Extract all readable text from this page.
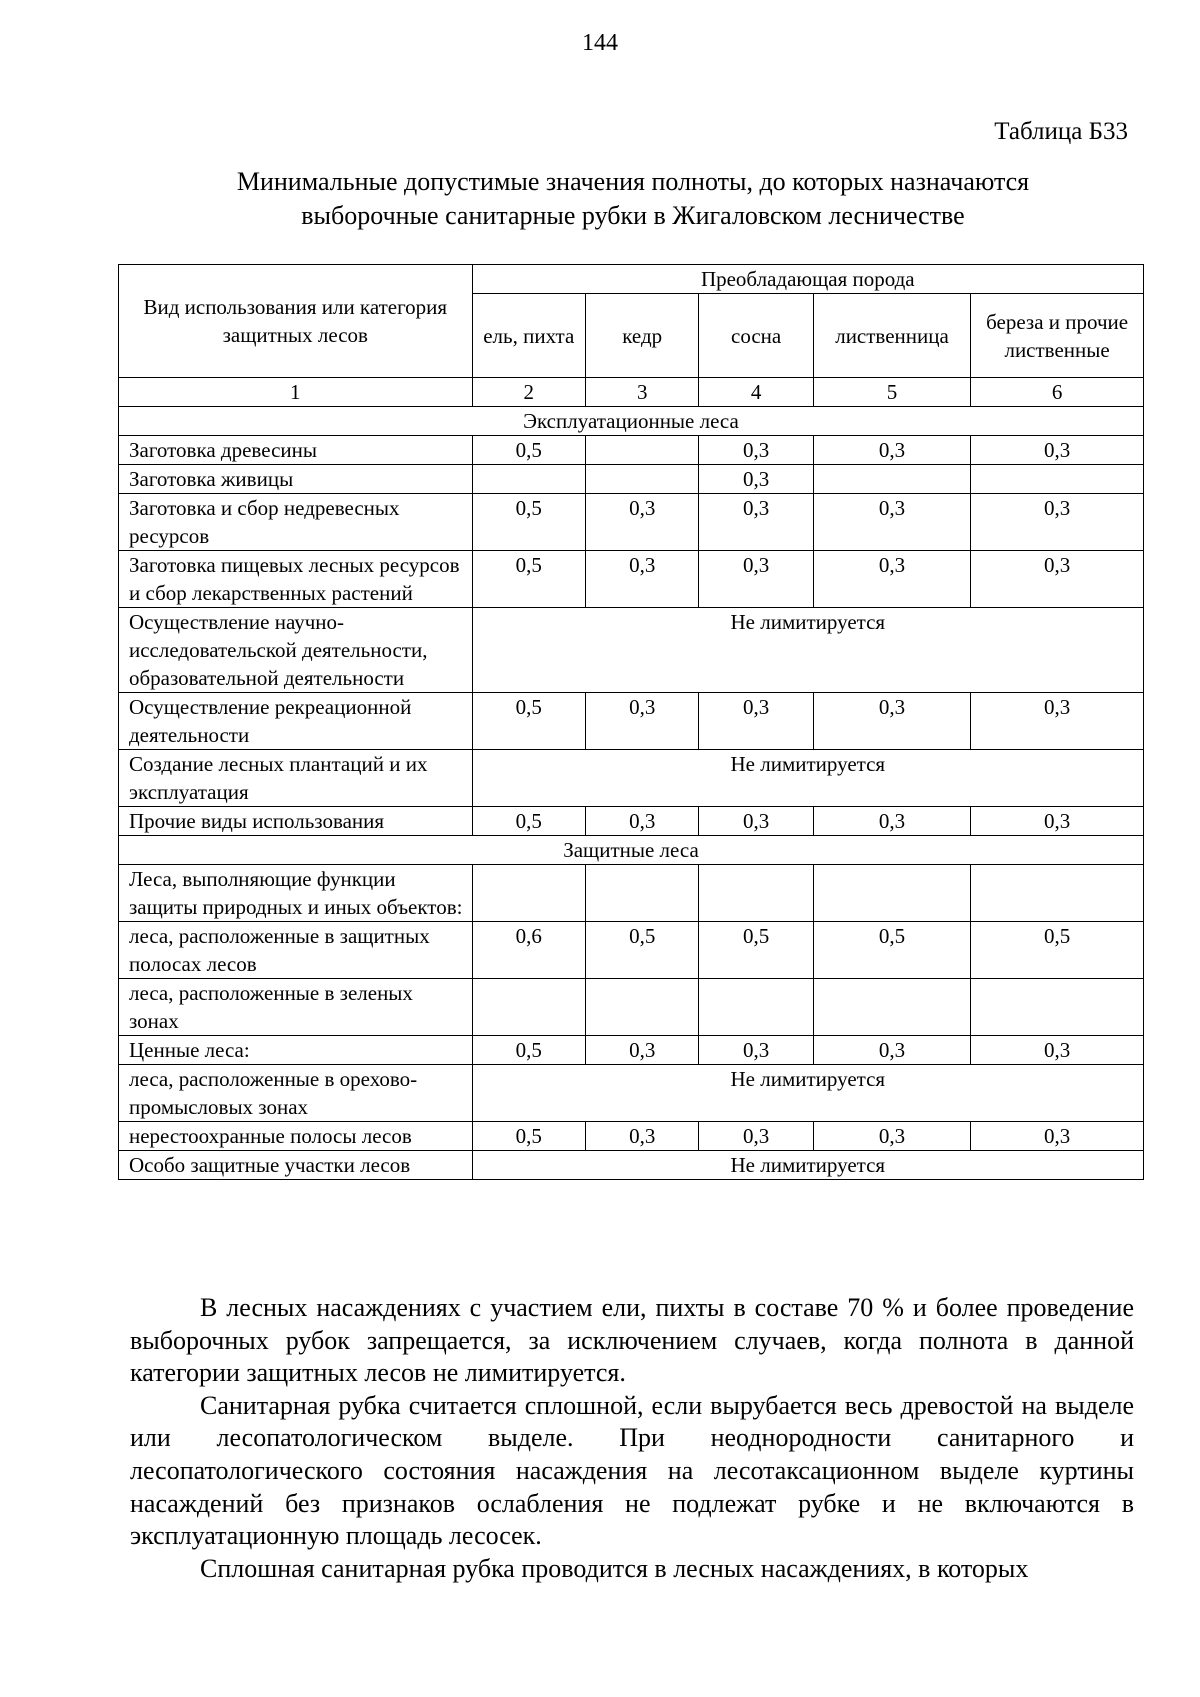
144
Таблица Б33
Минимальные допустимые значения полноты, до которых назначаются
выборочные санитарные рубки в Жигаловском лесничестве
Вид использования или категория защитных лесов	Преобладающая порода				
	ель, пихта	кедр	сосна	лиственница	береза и прочие лиственные
1	2	3	4	5	6
Эксплуатационные леса					
Заготовка древесины	0,5		0,3	0,3	0,3
Заготовка живицы			0,3		
Заготовка и сбор недревесных ресурсов	0,5	0,3	0,3	0,3	0,3
Заготовка пищевых лесных ресурсов и сбор лекарственных растений	0,5	0,3	0,3	0,3	0,3
Осуществление научно-исследовательской деятельности, образовательной деятельности	Не лимитируется				
Осуществление рекреационной деятельности	0,5	0,3	0,3	0,3	0,3
Создание лесных плантаций и их эксплуатация	Не лимитируется				
Прочие виды использования	0,5	0,3	0,3	0,3	0,3
Защитные леса					
Леса, выполняющие функции защиты природных и иных объектов:					
леса, расположенные в защитных полосах лесов	0,6	0,5	0,5	0,5	0,5
леса, расположенные в зеленых зонах					
Ценные леса:	0,5	0,3	0,3	0,3	0,3
леса, расположенные в орехово-промысловых зонах	Не лимитируется				
нерестоохранные полосы лесов	0,5	0,3	0,3	0,3	0,3
Особо защитные участки лесов	Не лимитируется				

В лесных насаждениях с участием ели, пихты в составе 70 % и более проведение выборочных рубок запрещается, за исключением случаев, когда полнота в данной категории защитных лесов не лимитируется.

Санитарная рубка считается сплошной, если вырубается весь древостой на выделе или лесопатологическом выделе. При неоднородности санитарного и лесопатологического состояния насаждения на лесотаксационном выделе куртины насаждений без признаков ослабления не подлежат рубке и не включаются в эксплуатационную площадь лесосек.

Сплошная санитарная рубка проводится в лесных насаждениях, в которых
